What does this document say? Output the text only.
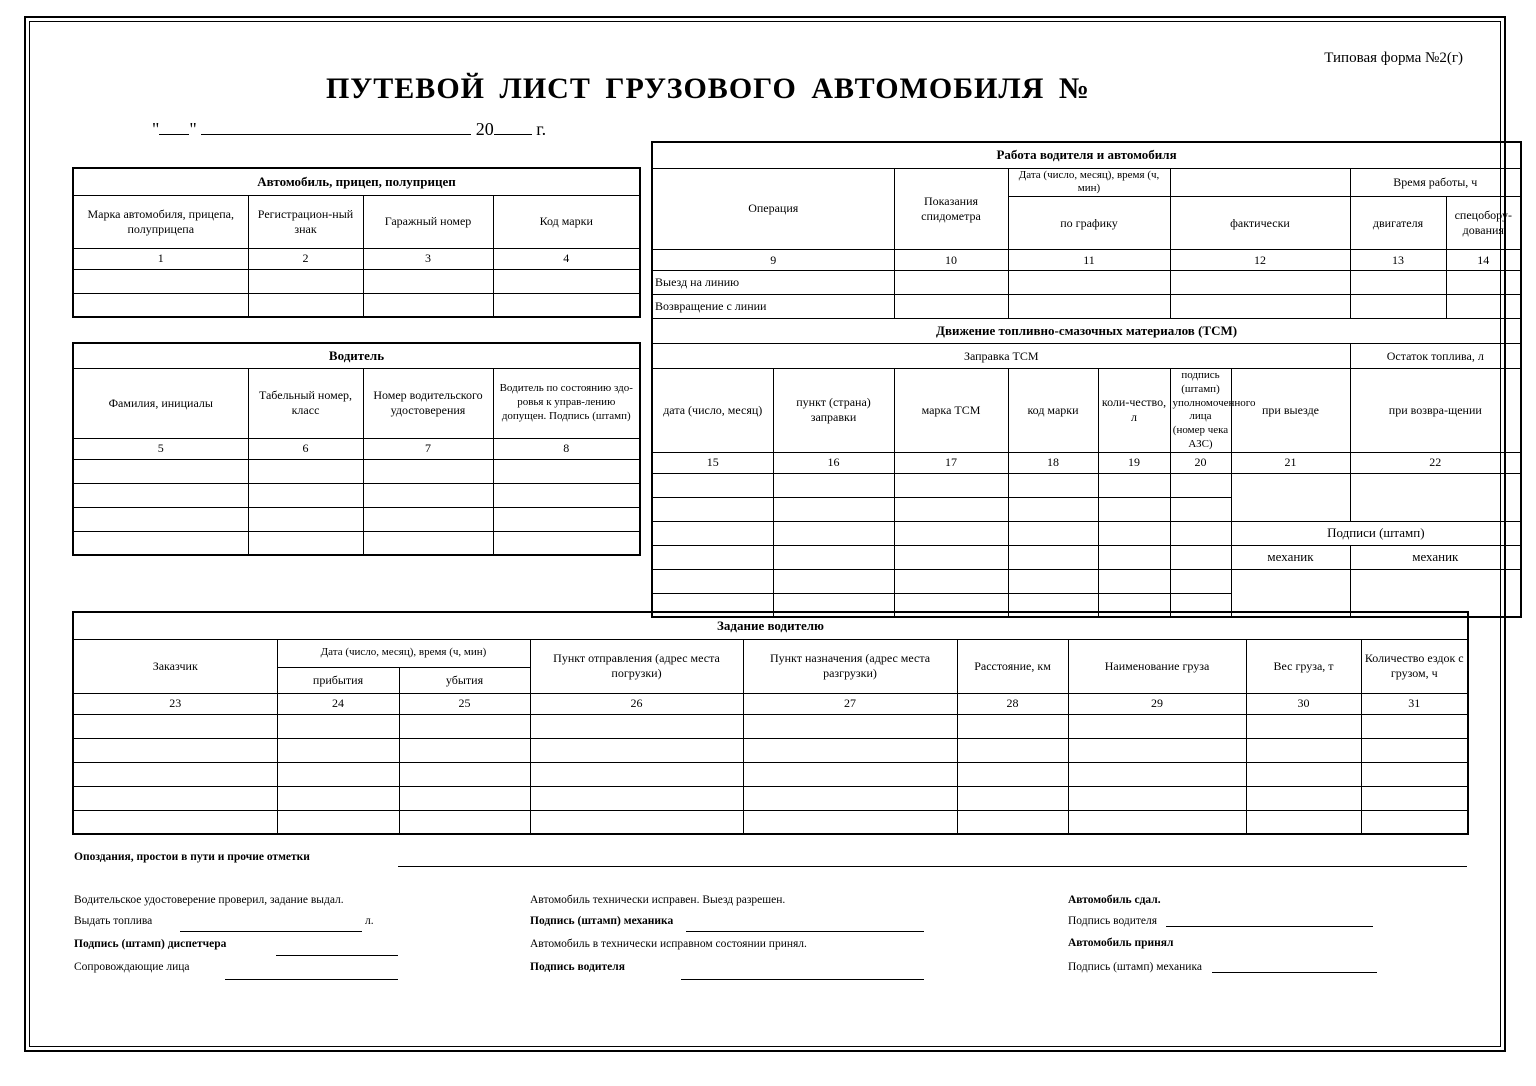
Типовая форма №2(г)
ПУТЕВОЙ ЛИСТ ГРУЗОВОГО АВТОМОБИЛЯ №
" "	20 г.
Автомобиль, прицеп, полуприцеп			
Марка автомобиля, прицепа, полуприцепа	Регистрацион-ный знак	Гаражный номер	Код марки
1	2	3	4

Водитель			
Фамилия, инициалы	Табельный номер, класс	Номер водительского удостоверения	Водитель по состоянию здо-ровья к управ-лению допущен. Подпись (штамп)
5	6	7	8

Работа водителя и автомобиля								
Операция		Показания спидометра	Дата (число, месяц), время (ч, мин)				Время работы, ч	
			по графику		фактически		двигателя	спецобору-дования
9		10	11		12		13	14
Выезд на линию								
Возвращение с линии								
Движение топливно-смазочных материалов (ТСМ)								
Заправка ТСМ							Остаток топлива, л	
дата (число, месяц)	пункт (страна) заправки	марка ТСМ	код марки	коли-чество, л	подпись (штамп) уполномоченного лица (номер чека АЗС)	при выезде	при возвра-щении	
15	16	17	18	19	20	21	22	

						Подписи (штамп)		
						механик	механик	

Задание водителю								
Заказчик	Дата (число, месяц), время (ч, мин)		Пункт отправления (адрес места погрузки)	Пункт назначения (адрес места разгрузки)	Расстояние, км	Наименование груза	Вес груза, т	Количество ездок с грузом, ч
	прибытия	убытия						
23	24	25	26	27	28	29	30	31

Опоздания, простои в пути и прочие отметки
Водительское удостоверение проверил, задание выдал.
Выдать топлива	л.
Подпись (штамп) диспетчера
Сопровождающие лица
Автомобиль технически исправен. Выезд разрешен.
Подпись (штамп) механика
Автомобиль в технически исправном состоянии принял.
Подпись водителя
Автомобиль сдал.
Подпись водителя
Автомобиль принял
Подпись (штамп) механика
